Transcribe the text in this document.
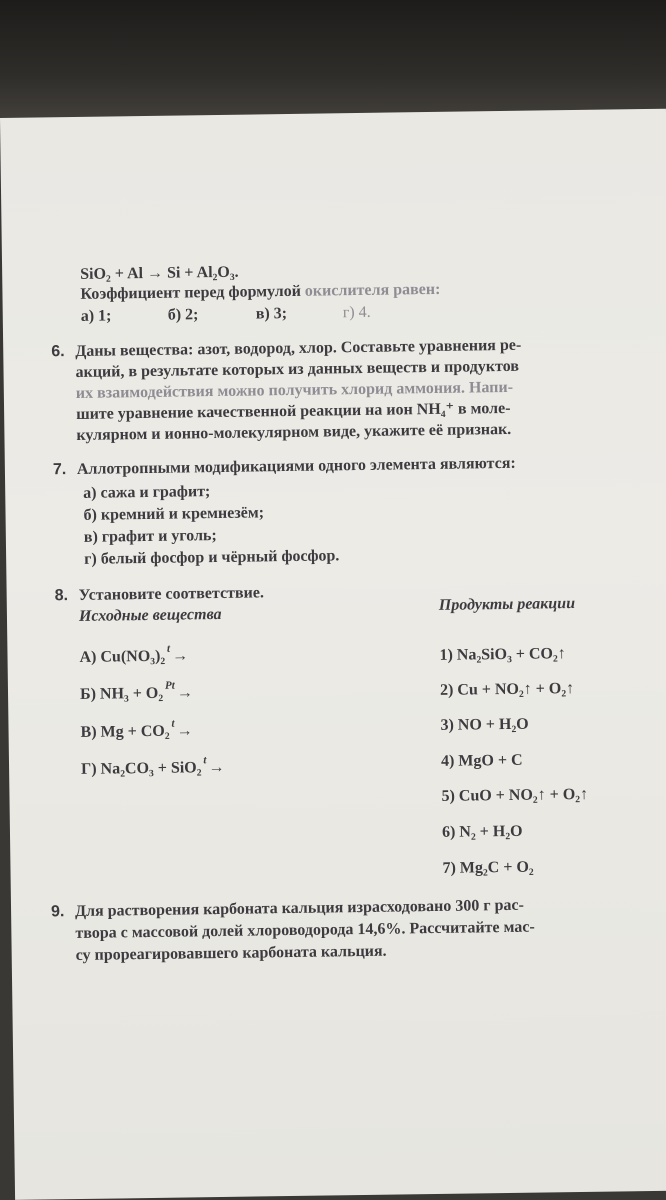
SiO₂ + Al → Si + Al₂O₃.
Коэффициент перед формулой окислителя равен:
а) 1;	б) 2;	в) 3;	г) 4.
6. Даны вещества: азот, водород, хлор. Составьте уравнения ре-
акций, в результате которых из данных веществ и продуктов
их взаимодействия можно получить хлорид аммония. Напи-
шите уравнение качественной реакции на ион NH₄⁺ в моле-
кулярном и ионно-молекулярном виде, укажите её признак.
7. Аллотропными модификациями одного элемента являются:
а) сажа и графит;
б) кремний и кремнезём;
в) графит и уголь;
г) белый фосфор и чёрный фосфор.
8. Установите соответствие.
Исходные вещества
Продукты реакции
А) Cu(NO₃)₂ $^t$ →
Б) NH₃ + O₂ $^{Pt}$ →
В) Mg + CO₂ $^t$ →
Г) Na₂CO₃ + SiO₂ $^t$ →
1) Na₂SiO₃ + CO₂↑
2) Cu + NO₂↑ + O₂↑
3) NO + H₂O
4) MgO + C
5) CuO + NO₂↑ + O₂↑
6) N₂ + H₂O
7) Mg₂C + O₂
9. Для растворения карбоната кальция израсходовано 300 г рас-
твора с массовой долей хлороводорода 14,6%. Рассчитайте мас-
су прореагировавшего карбоната кальция.
